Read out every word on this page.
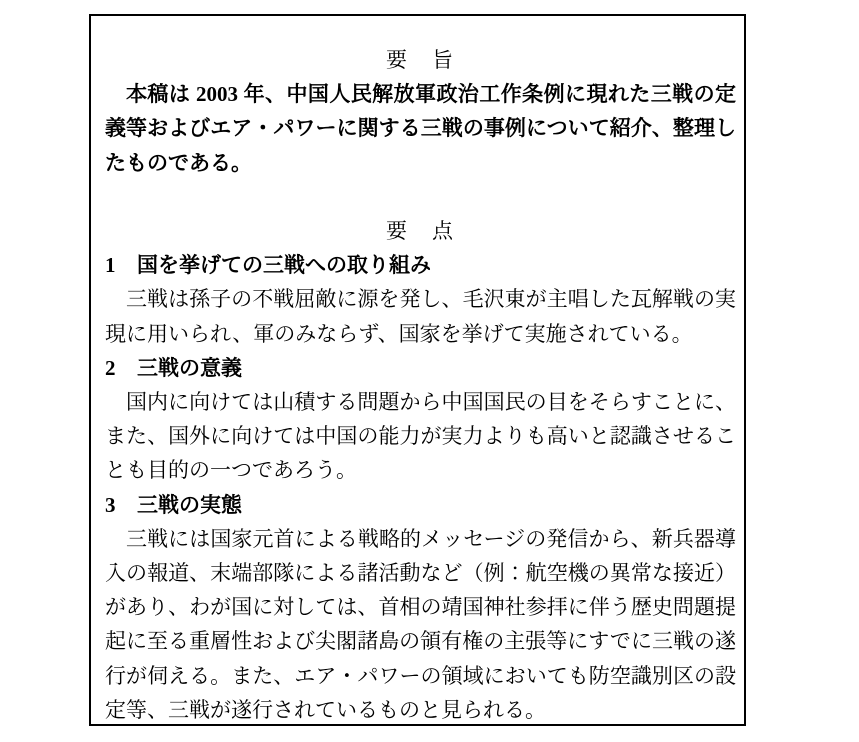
要　旨

本稿は 2003 年、中国人民解放軍政治工作条例に現れた三戦の定義等およびエア・パワーに関する三戦の事例について紹介、整理したものである。

要　点
1 国を挙げての三戦への取り組み

三戦は孫子の不戦屈敵に源を発し、毛沢東が主唱した瓦解戦の実現に用いられ、軍のみならず、国家を挙げて実施されている。

2 三戦の意義

国内に向けては山積する問題から中国国民の目をそらすことに、また、国外に向けては中国の能力が実力よりも高いと認識させることも目的の一つであろう。

3 三戦の実態

三戦には国家元首による戦略的メッセージの発信から、新兵器導入の報道、末端部隊による諸活動など（例：航空機の異常な接近）があり、わが国に対しては、首相の靖国神社参拝に伴う歴史問題提起に至る重層性および尖閣諸島の領有権の主張等にすでに三戦の遂行が伺える。また、エア・パワーの領域においても防空識別区の設定等、三戦が遂行されているものと見られる。
